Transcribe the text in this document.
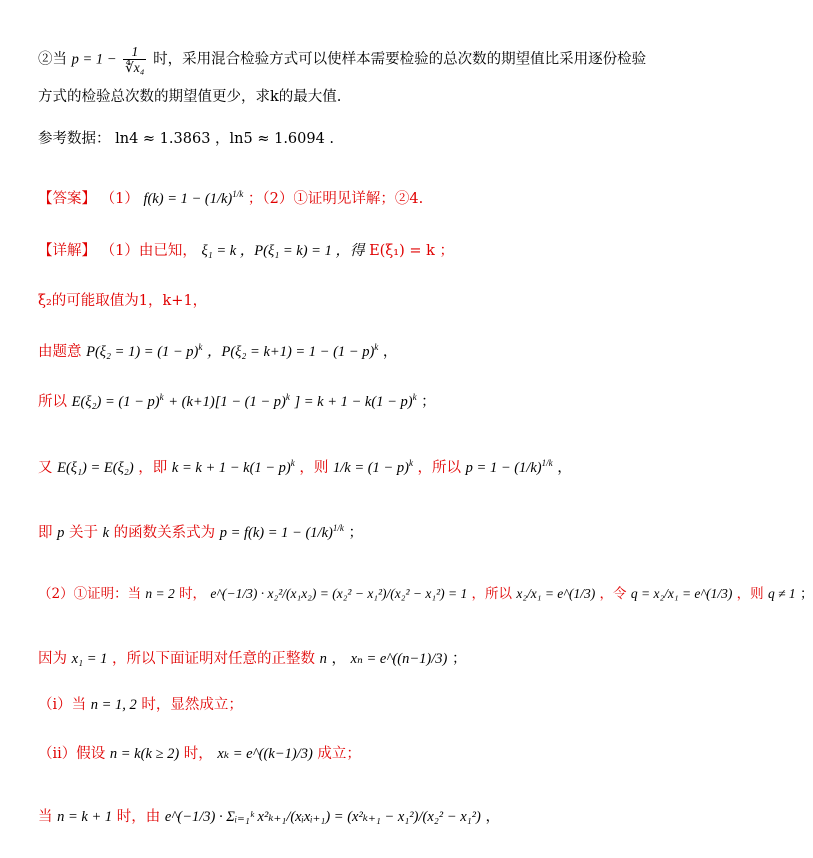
②当 $p = 1 - \frac{1}{\text{∜x₄}}$ 时，采用混合检验方式可以使样本需要检验的总次数的期望值比采用逐份检验
方式的检验总次数的期望值更少，求k的最大值.
参考数据： ln4 ≈ 1.3863 ，ln5 ≈ 1.6094 .
【答案】 （1） $f(k) = 1 - (1/k)^{1/k}$ ；（2）①证明见详解；②4.
【详解】 （1）由已知， ξ₁ = k ，P(ξ₁ = k) = 1 ，得 E(ξ₁) = k ；
ξ₂的可能取值为1，k+1，
由题意 $P(\xi_2 = 1) = (1 - p)^k$ ，$P(\xi_2 = k+1) = 1 - (1 - p)^k$ ，
所以 $E(\xi_2) = (1 - p)^k + (k+1)[1 - (1 - p)^k$ ] = $k + 1 - k(1 - p)^k$ ；
又 E(ξ₁) = E(ξ₂) ，即 $k = k + 1 - k(1 - p)^k$ ，则 $1/k = (1 - p)^k$ ，所以 $p = 1 - (1/k)^{1/k}$ ，
即 p 关于 k 的函数关系式为 $p = f(k) = 1 - (1/k)^{1/k}$ ；
（2）①证明：当 n = 2 时， e^(−1/3) · x₂²/(x₁x₂) = (x₂² − x₁²)/(x₂² − x₁²) = 1 ，所以 x₂/x₁ = e^(1/3) ，令 q = x₂/x₁ = e^(1/3) ，则 q ≠ 1 ；
因为 x₁ = 1 ，所以下面证明对任意的正整数 n ， xₙ = e^((n−1)/3) ；
（i）当 n = 1, 2 时，显然成立；
（ii）假设 n = k(k ≥ 2) 时， xₖ = e^((k−1)/3) 成立；
当 n = k + 1 时，由 e^(−1/3) · Σᵢ₌₁ᵏ x²ₖ₊₁/(xᵢxᵢ₊₁) = (x²ₖ₊₁ − x₁²)/(x₂² − x₁²) ，
